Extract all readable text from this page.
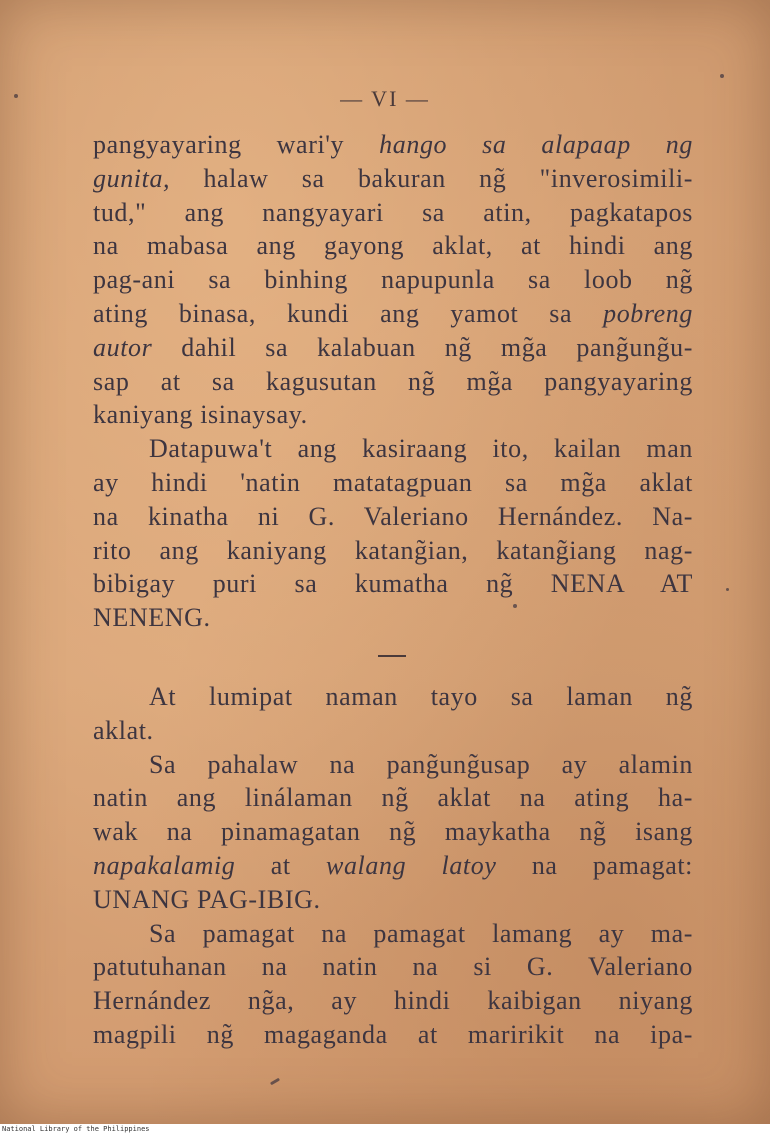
— VI —
pangyayaring wari'y hango sa alapaap ng
gunita, halaw sa bakuran ng̃ "inverosimili-
tud," ang nangyayari sa atin, pagkatapos
na mabasa ang gayong aklat, at hindi ang
pag-ani sa binhing napupunla sa loob ng̃
ating binasa, kundi ang yamot sa pobreng
autor dahil sa kalabuan ng̃ mg̃a pang̃ung̃u-
sap at sa kagusutan ng̃ mg̃a pangyayaring
kaniyang isinaysay.
Datapuwa't ang kasiraang ito, kailan man
ay hindi 'natin matatagpuan sa mg̃a aklat
na kinatha ni G. Valeriano Hernández. Na-
rito ang kaniyang katang̃ian, katang̃iang nag-
bibigay puri sa kumatha ng̃ NENA AT
NENENG.
At lumipat naman tayo sa laman ng̃
aklat.
Sa pahalaw na pang̃ung̃usap ay alamin
natin ang linálaman ng̃ aklat na ating ha-
wak na pinamagatan ng̃ maykatha ng̃ isang
napakalamig at walang latoy na pamagat:
UNANG PAG-IBIG.
Sa pamagat na pamagat lamang ay ma-
patutuhanan na natin na si G. Valeriano
Hernández ng̃a, ay hindi kaibigan niyang
magpili ng̃ magaganda at maririkit na ipa-
National Library of the Philippines
